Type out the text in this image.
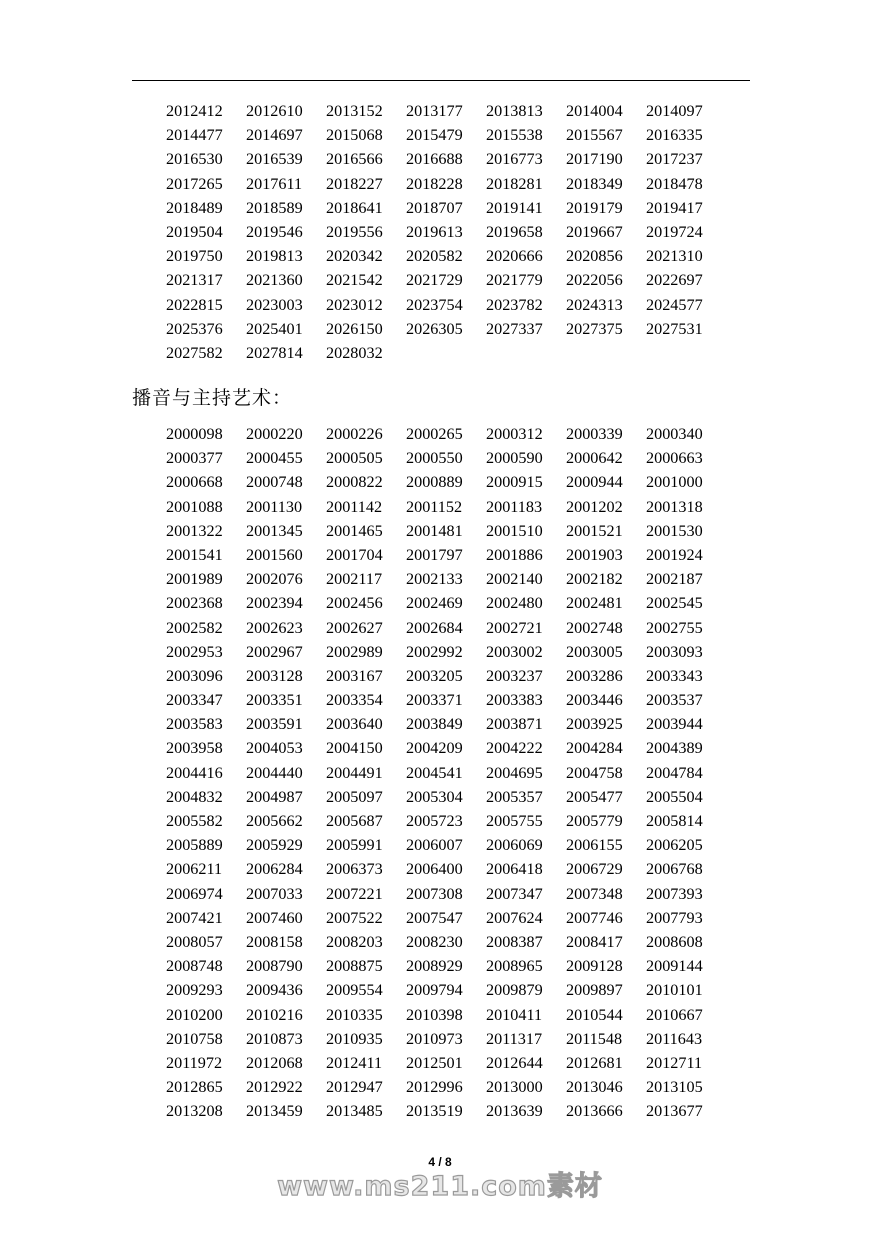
2012412	2012610	2013152	2013177	2013813	2014004	2014097
2014477	2014697	2015068	2015479	2015538	2015567	2016335
2016530	2016539	2016566	2016688	2016773	2017190	2017237
2017265	2017611	2018227	2018228	2018281	2018349	2018478
2018489	2018589	2018641	2018707	2019141	2019179	2019417
2019504	2019546	2019556	2019613	2019658	2019667	2019724
2019750	2019813	2020342	2020582	2020666	2020856	2021310
2021317	2021360	2021542	2021729	2021779	2022056	2022697
2022815	2023003	2023012	2023754	2023782	2024313	2024577
2025376	2025401	2026150	2026305	2027337	2027375	2027531
2027582	2027814	2028032
播音与主持艺术：
2000098	2000220	2000226	2000265	2000312	2000339	2000340
2000377	2000455	2000505	2000550	2000590	2000642	2000663
2000668	2000748	2000822	2000889	2000915	2000944	2001000
2001088	2001130	2001142	2001152	2001183	2001202	2001318
2001322	2001345	2001465	2001481	2001510	2001521	2001530
2001541	2001560	2001704	2001797	2001886	2001903	2001924
2001989	2002076	2002117	2002133	2002140	2002182	2002187
2002368	2002394	2002456	2002469	2002480	2002481	2002545
2002582	2002623	2002627	2002684	2002721	2002748	2002755
2002953	2002967	2002989	2002992	2003002	2003005	2003093
2003096	2003128	2003167	2003205	2003237	2003286	2003343
2003347	2003351	2003354	2003371	2003383	2003446	2003537
2003583	2003591	2003640	2003849	2003871	2003925	2003944
2003958	2004053	2004150	2004209	2004222	2004284	2004389
2004416	2004440	2004491	2004541	2004695	2004758	2004784
2004832	2004987	2005097	2005304	2005357	2005477	2005504
2005582	2005662	2005687	2005723	2005755	2005779	2005814
2005889	2005929	2005991	2006007	2006069	2006155	2006205
2006211	2006284	2006373	2006400	2006418	2006729	2006768
2006974	2007033	2007221	2007308	2007347	2007348	2007393
2007421	2007460	2007522	2007547	2007624	2007746	2007793
2008057	2008158	2008203	2008230	2008387	2008417	2008608
2008748	2008790	2008875	2008929	2008965	2009128	2009144
2009293	2009436	2009554	2009794	2009879	2009897	2010101
2010200	2010216	2010335	2010398	2010411	2010544	2010667
2010758	2010873	2010935	2010973	2011317	2011548	2011643
2011972	2012068	2012411	2012501	2012644	2012681	2012711
2012865	2012922	2012947	2012996	2013000	2013046	2013105
2013208	2013459	2013485	2013519	2013639	2013666	2013677
4 / 8
www.ms211.com素材
